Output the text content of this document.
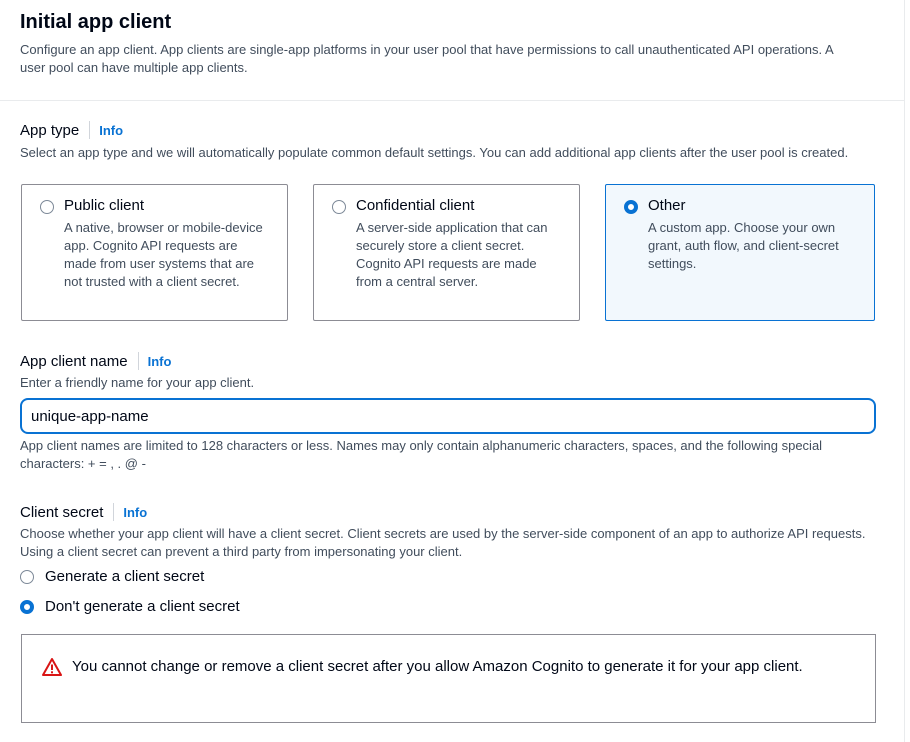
Initial app client
Configure an app client. App clients are single-app platforms in your user pool that have permissions to call unauthenticated API operations. A user pool can have multiple app clients.
App type Info
Select an app type and we will automatically populate common default settings. You can add additional app clients after the user pool is created.
Public client
A native, browser or mobile-device app. Cognito API requests are made from user systems that are not trusted with a client secret.
Confidential client
A server-side application that can securely store a client secret. Cognito API requests are made from a central server.
Other
A custom app. Choose your own grant, auth flow, and client-secret settings.
App client name Info
Enter a friendly name for your app client.
unique-app-name
App client names are limited to 128 characters or less. Names may only contain alphanumeric characters, spaces, and the following special characters: + = , . @ -
Client secret Info
Choose whether your app client will have a client secret. Client secrets are used by the server-side component of an app to authorize API requests. Using a client secret can prevent a third party from impersonating your client.
Generate a client secret
Don't generate a client secret
You cannot change or remove a client secret after you allow Amazon Cognito to generate it for your app client.
